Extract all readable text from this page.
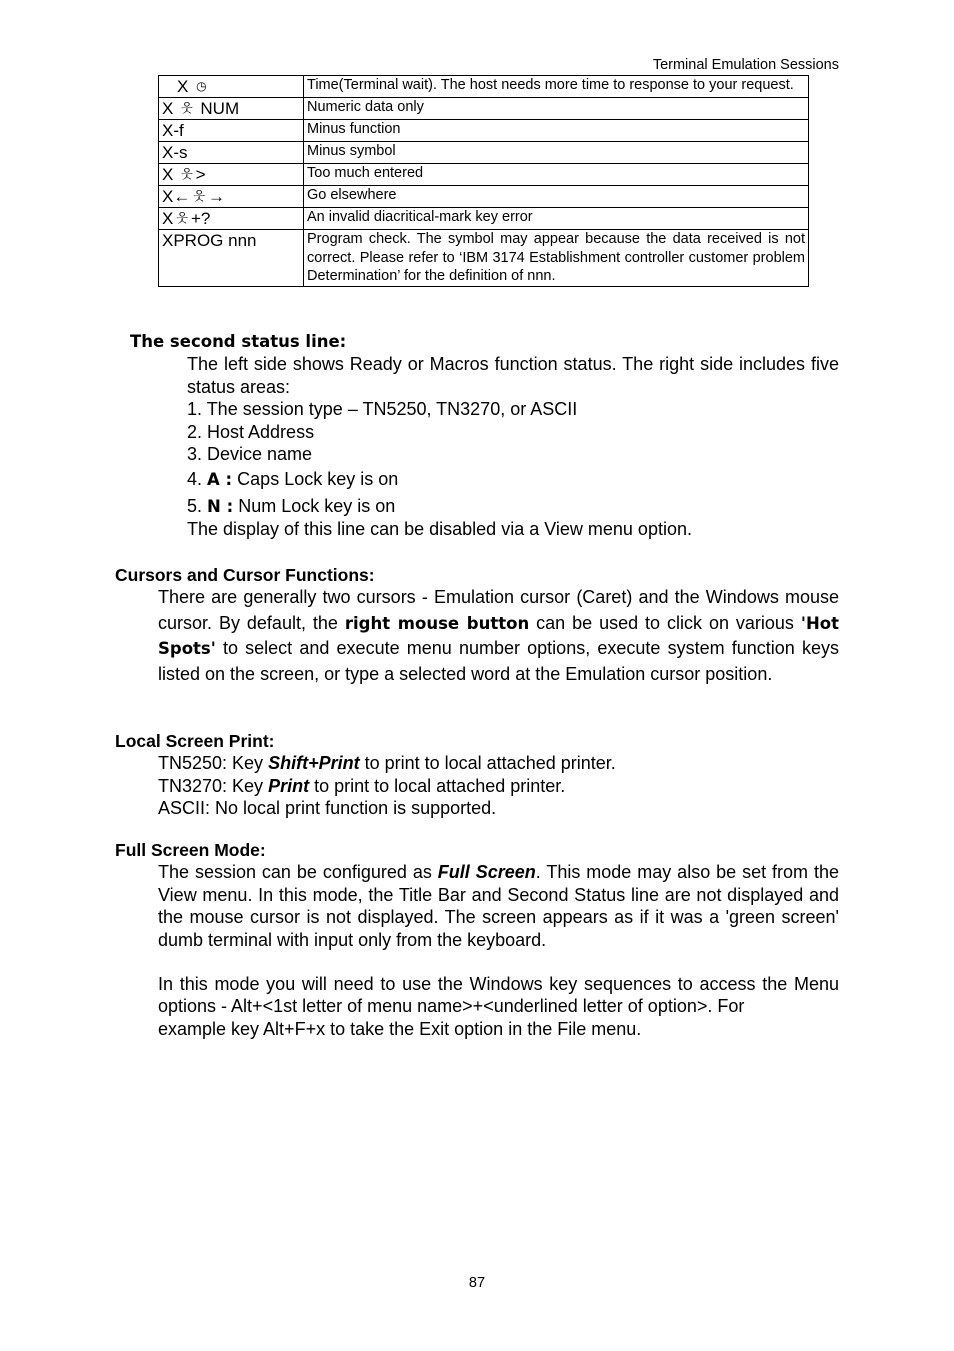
Terminal Emulation Sessions
X ◷	Time(Terminal wait). The host needs more time to response to your request.
X 웃 NUM	Numeric data only
X-f	Minus function
X-s	Minus symbol
X 웃 >	Too much entered
X← 웃 →	Go elsewhere
X 웃 +?	An invalid diacritical-mark key error
XPROG nnn	Program check. The symbol may appear because the data received is not correct. Please refer to ‘IBM 3174 Establishment controller customer problem Determination’ for the definition of nnn.
The second status line:
The left side shows Ready or Macros function status. The right side includes five status areas:
1. The session type – TN5250, TN3270, or ASCII
2. Host Address
3. Device name
4. A : Caps Lock key is on
5. N : Num Lock key is on
The display of this line can be disabled via a View menu option.
Cursors and Cursor Functions:
There are generally two cursors - Emulation cursor (Caret) and the Windows mouse cursor. By default, the right mouse button can be used to click on various 'Hot Spots' to select and execute menu number options, execute system function keys listed on the screen, or type a selected word at the Emulation cursor position.
Local Screen Print:
TN5250: Key Shift+Print to print to local attached printer.
TN3270: Key Print to print to local attached printer.
ASCII: No local print function is supported.
Full Screen Mode:
The session can be configured as Full Screen. This mode may also be set from the View menu. In this mode, the Title Bar and Second Status line are not displayed and the mouse cursor is not displayed. The screen appears as if it was a 'green screen' dumb terminal with input only from the keyboard.
In this mode you will need to use the Windows key sequences to access the Menu options - Alt+<1st letter of menu name>+<underlined letter of option>. For
example key Alt+F+x to take the Exit option in the File menu.
87
